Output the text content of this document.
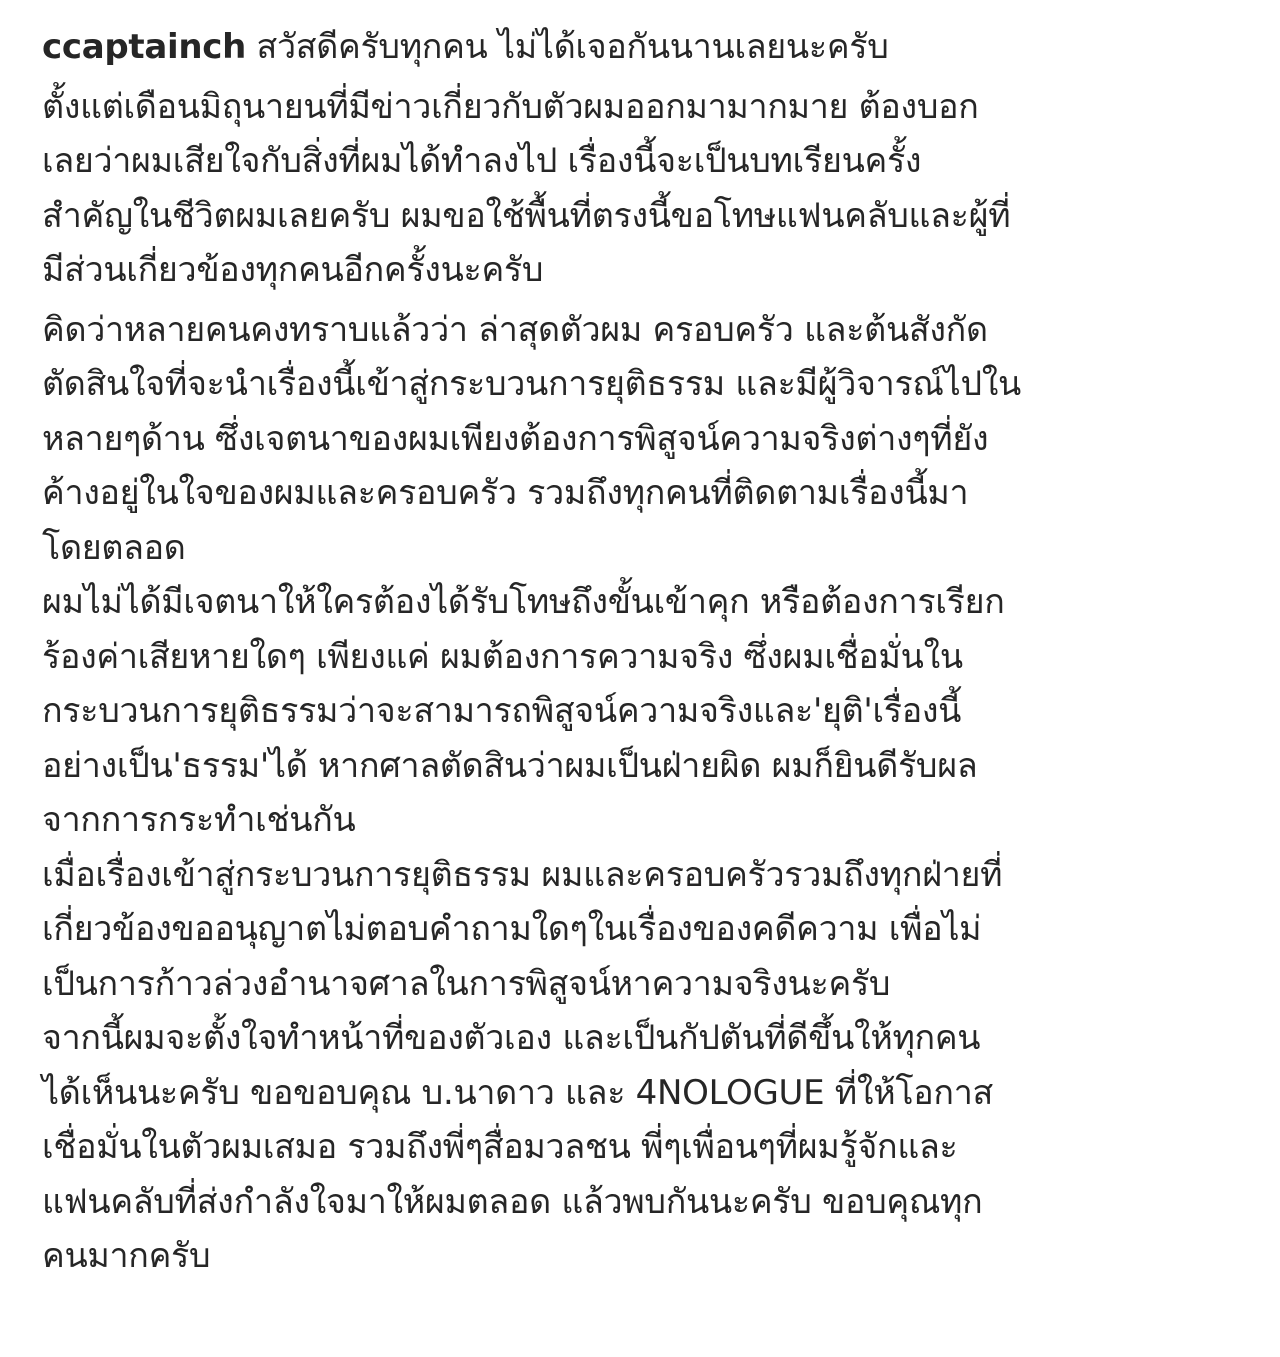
ccaptainch สวัสดีครับทุกคน ไม่ได้เจอกันนานเลยนะครับ
ตั้งแต่เดือนมิถุนายนที่มีข่าวเกี่ยวกับตัวผมออกมามากมาย ต้องบอก
เลยว่าผมเสียใจกับสิ่งที่ผมได้ทำลงไป เรื่องนี้จะเป็นบทเรียนครั้ง
สำคัญในชีวิตผมเลยครับ ผมขอใช้พื้นที่ตรงนี้ขอโทษแฟนคลับและผู้ที่
มีส่วนเกี่ยวข้องทุกคนอีกครั้งนะครับ
คิดว่าหลายคนคงทราบแล้วว่า ล่าสุดตัวผม ครอบครัว และต้นสังกัด
ตัดสินใจที่จะนำเรื่องนี้เข้าสู่กระบวนการยุติธรรม และมีผู้วิจารณ์ไปใน
หลายๆด้าน ซึ่งเจตนาของผมเพียงต้องการพิสูจน์ความจริงต่างๆที่ยัง
ค้างอยู่ในใจของผมและครอบครัว รวมถึงทุกคนที่ติดตามเรื่องนี้มา
โดยตลอด
ผมไม่ได้มีเจตนาให้ใครต้องได้รับโทษถึงขั้นเข้าคุก หรือต้องการเรียก
ร้องค่าเสียหายใดๆ เพียงแค่ ผมต้องการความจริง ซึ่งผมเชื่อมั่นใน
กระบวนการยุติธรรมว่าจะสามารถพิสูจน์ความจริงและ'ยุติ'เรื่องนี้
อย่างเป็น'ธรรม'ได้ หากศาลตัดสินว่าผมเป็นฝ่ายผิด ผมก็ยินดีรับผล
จากการกระทำเช่นกัน
เมื่อเรื่องเข้าสู่กระบวนการยุติธรรม ผมและครอบครัวรวมถึงทุกฝ่ายที่
เกี่ยวข้องขออนุญาตไม่ตอบคำถามใดๆในเรื่องของคดีความ เพื่อไม่
เป็นการก้าวล่วงอำนาจศาลในการพิสูจน์หาความจริงนะครับ
จากนี้ผมจะตั้งใจทำหน้าที่ของตัวเอง และเป็นกัปตันที่ดีขึ้นให้ทุกคน
ได้เห็นนะครับ ขอขอบคุณ บ.นาดาว และ 4NOLOGUE ที่ให้โอกาส
เชื่อมั่นในตัวผมเสมอ รวมถึงพี่ๆสื่อมวลชน พี่ๆเพื่อนๆที่ผมรู้จักและ
แฟนคลับที่ส่งกำลังใจมาให้ผมตลอด แล้วพบกันนะครับ ขอบคุณทุก
คนมากครับ
